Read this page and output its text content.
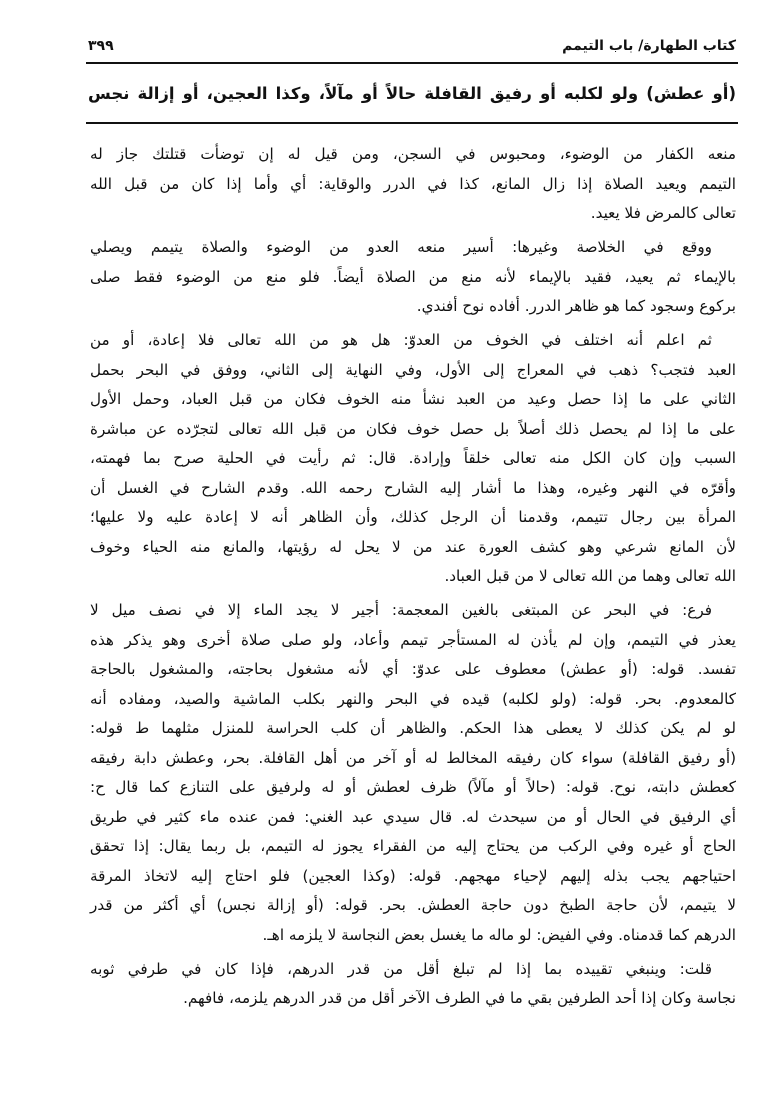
كتاب الطهارة/ باب التيمم
٣٩٩
(أو عطش) ولو لكلبه أو رفيق القافلة حالاً أو مآلاً، وكذا العجين، أو إزالة نجس
منعه الكفار من الوضوء، ومحبوس في السجن، ومن قيل له إن توضأت قتلتك جاز له
التيمم ويعيد الصلاة إذا زال المانع، كذا في الدرر والوقاية: أي وأما إذا كان من قبل الله
تعالى كالمرض فلا يعيد.
ووقع في الخلاصة وغيرها: أسير منعه العدو من الوضوء والصلاة يتيمم ويصلي
بالإيماء ثم يعيد، فقيد بالإيماء لأنه منع من الصلاة أيضاً. فلو منع من الوضوء فقط صلى
بركوع وسجود كما هو ظاهر الدرر. أفاده نوح أفندي.
ثم اعلم أنه اختلف في الخوف من العدوّ: هل هو من الله تعالى فلا إعادة، أو من
العبد فتجب؟ ذهب في المعراج إلى الأول، وفي النهاية إلى الثاني، ووفق في البحر بحمل
الثاني على ما إذا حصل وعيد من العبد نشأ منه الخوف فكان من قبل العباد، وحمل الأول
على ما إذا لم يحصل ذلك أصلاً بل حصل خوف فكان من قبل الله تعالى لتجرّده عن مباشرة
السبب وإن كان الكل منه تعالى خلقاً وإرادة. قال: ثم رأيت في الحلية صرح بما فهمته،
وأقرّه في النهر وغيره، وهذا ما أشار إليه الشارح رحمه الله. وقدم الشارح في الغسل أن
المرأة بين رجال تتيمم، وقدمنا أن الرجل كذلك، وأن الظاهر أنه لا إعادة عليه ولا عليها؛
لأن المانع شرعي وهو كشف العورة عند من لا يحل له رؤيتها، والمانع منه الحياء وخوف
الله تعالى وهما من الله تعالى لا من قبل العباد.
فرع: في البحر عن المبتغى بالغين المعجمة: أجير لا يجد الماء إلا في نصف ميل لا
يعذر في التيمم، وإن لم يأذن له المستأجر تيمم وأعاد، ولو صلى صلاة أخرى وهو يذكر هذه
تفسد. قوله: (أو عطش) معطوف على عدوّ: أي لأنه مشغول بحاجته، والمشغول بالحاجة
كالمعدوم. بحر. قوله: (ولو لكلبه) قيده في البحر والنهر بكلب الماشية والصيد، ومفاده أنه
لو لم يكن كذلك لا يعطى هذا الحكم. والظاهر أن كلب الحراسة للمنزل مثلهما ط قوله:
(أو رفيق القافلة) سواء كان رفيقه المخالط له أو آخر من أهل القافلة. بحر، وعطش دابة رفيقه
كعطش دابته، نوح. قوله: (حالاً أو مآلاً) ظرف لعطش أو له ولرفيق على التنازع كما قال ح:
أي الرفيق في الحال أو من سيحدث له. قال سيدي عبد الغني: فمن عنده ماء كثير في طريق
الحاج أو غيره وفي الركب من يحتاج إليه من الفقراء يجوز له التيمم، بل ربما يقال: إذا تحقق
احتياجهم يجب بذله إليهم لإحياء مهجهم. قوله: (وكذا العجين) فلو احتاج إليه لاتخاذ المرقة
لا يتيمم، لأن حاجة الطبخ دون حاجة العطش. بحر. قوله: (أو إزالة نجس) أي أكثر من قدر
الدرهم كما قدمناه. وفي الفيض: لو ماله ما يغسل بعض النجاسة لا يلزمه اهـ.
قلت: وينبغي تقييده بما إذا لم تبلغ أقل من قدر الدرهم، فإذا كان في طرفي ثوبه
نجاسة وكان إذا أحد الطرفين بقي ما في الطرف الآخر أقل من قدر الدرهم يلزمه، فافهم.
